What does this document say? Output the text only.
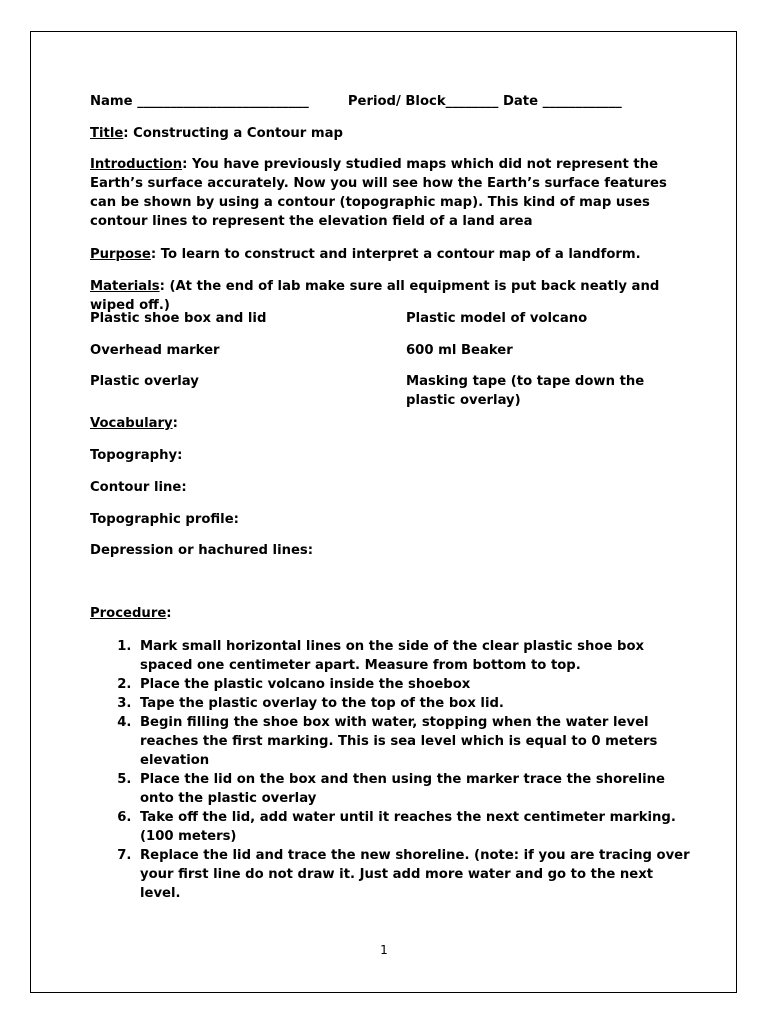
Name __________________________	Period/ Block________ Date ____________
Title: Constructing a Contour map
Introduction: You have previously studied maps which did not represent the Earth’s surface accurately. Now you will see how the Earth’s surface features can be shown by using a contour (topographic map). This kind of map uses contour lines to represent the elevation field of a land area
Purpose: To learn to construct and interpret a contour map of a landform.
Materials: (At the end of lab make sure all equipment is put back neatly and wiped off.)
Plastic shoe box and lid	Plastic model of volcano
Overhead marker	600 ml Beaker
Plastic overlay	Masking tape (to tape down the plastic overlay)
Vocabulary:
Topography:
Contour line:
Topographic profile:
Depression or hachured lines:
Procedure:
1. Mark small horizontal lines on the side of the clear plastic shoe box spaced one centimeter apart. Measure from bottom to top.
2. Place the plastic volcano inside the shoebox
3. Tape the plastic overlay to the top of the box lid.
4. Begin filling the shoe box with water, stopping when the water level reaches the first marking. This is sea level which is equal to 0 meters elevation
5. Place the lid on the box and then using the marker trace the shoreline onto the plastic overlay
6. Take off the lid, add water until it reaches the next centimeter marking. (100 meters)
7. Replace the lid and trace the new shoreline. (note: if you are tracing over your first line do not draw it. Just add more water and go to the next level.
1
